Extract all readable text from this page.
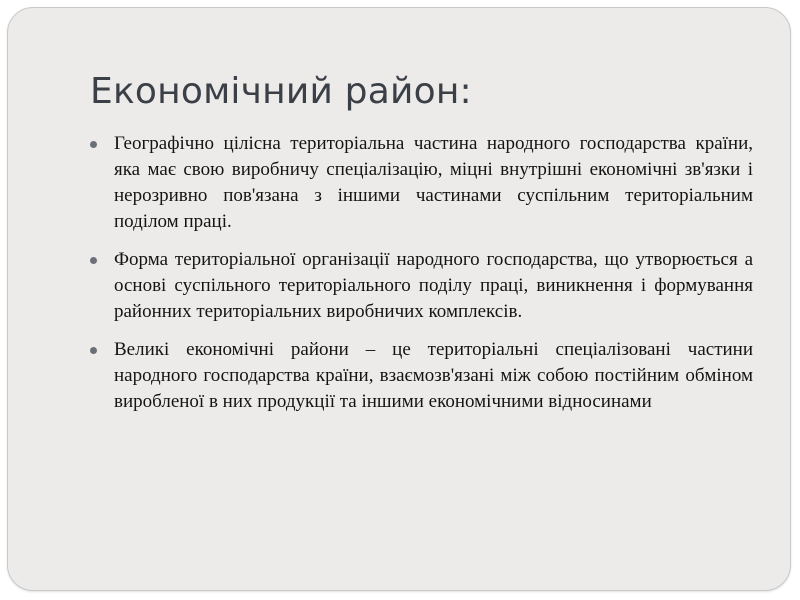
Економічний район:
Географічно цілісна територіальна частина народного господарства країни, яка має свою виробничу спеціалізацію, міцні внутрішні економічні зв'язки і нерозривно пов'язана з іншими частинами суспільним територіальним поділом праці.
Форма територіальної організації народного господарства, що утворюється а основі суспільного територіального поділу праці, виникнення і формування районних територіальних виробничих комплексів.
Великі економічні райони – це територіальні спеціалізовані частини народного господарства країни, взаємозв'язані між собою постійним обміном виробленої в них продукції та іншими економічними відносинами
